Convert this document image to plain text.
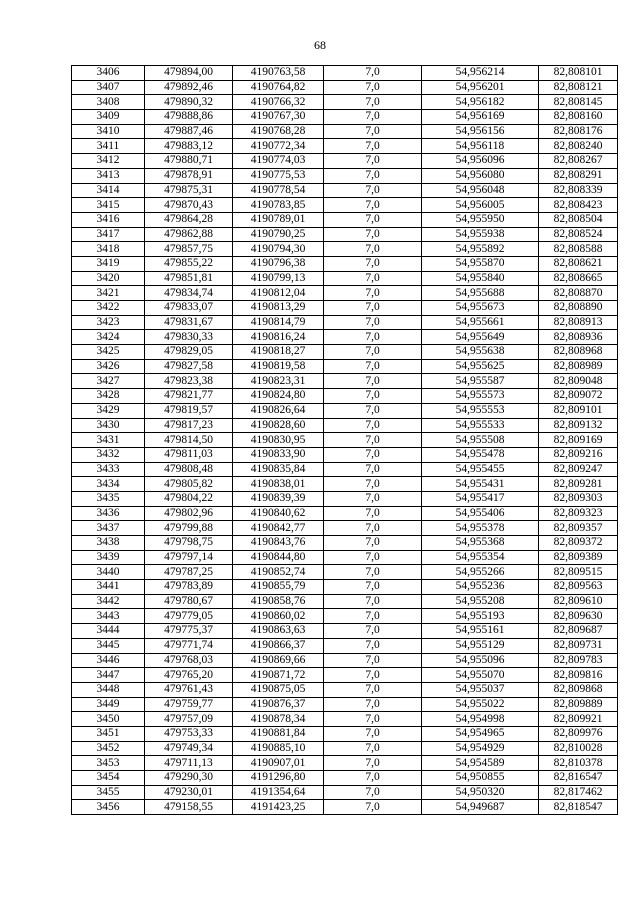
68
3406	479894,00	4190763,58	7,0	54,956214	82,808101
3407	479892,46	4190764,82	7,0	54,956201	82,808121
3408	479890,32	4190766,32	7,0	54,956182	82,808145
3409	479888,86	4190767,30	7,0	54,956169	82,808160
3410	479887,46	4190768,28	7,0	54,956156	82,808176
3411	479883,12	4190772,34	7,0	54,956118	82,808240
3412	479880,71	4190774,03	7,0	54,956096	82,808267
3413	479878,91	4190775,53	7,0	54,956080	82,808291
3414	479875,31	4190778,54	7,0	54,956048	82,808339
3415	479870,43	4190783,85	7,0	54,956005	82,808423
3416	479864,28	4190789,01	7,0	54,955950	82,808504
3417	479862,88	4190790,25	7,0	54,955938	82,808524
3418	479857,75	4190794,30	7,0	54,955892	82,808588
3419	479855,22	4190796,38	7,0	54,955870	82,808621
3420	479851,81	4190799,13	7,0	54,955840	82,808665
3421	479834,74	4190812,04	7,0	54,955688	82,808870
3422	479833,07	4190813,29	7,0	54,955673	82,808890
3423	479831,67	4190814,79	7,0	54,955661	82,808913
3424	479830,33	4190816,24	7,0	54,955649	82,808936
3425	479829,05	4190818,27	7,0	54,955638	82,808968
3426	479827,58	4190819,58	7,0	54,955625	82,808989
3427	479823,38	4190823,31	7,0	54,955587	82,809048
3428	479821,77	4190824,80	7,0	54,955573	82,809072
3429	479819,57	4190826,64	7,0	54,955553	82,809101
3430	479817,23	4190828,60	7,0	54,955533	82,809132
3431	479814,50	4190830,95	7,0	54,955508	82,809169
3432	479811,03	4190833,90	7,0	54,955478	82,809216
3433	479808,48	4190835,84	7,0	54,955455	82,809247
3434	479805,82	4190838,01	7,0	54,955431	82,809281
3435	479804,22	4190839,39	7,0	54,955417	82,809303
3436	479802,96	4190840,62	7,0	54,955406	82,809323
3437	479799,88	4190842,77	7,0	54,955378	82,809357
3438	479798,75	4190843,76	7,0	54,955368	82,809372
3439	479797,14	4190844,80	7,0	54,955354	82,809389
3440	479787,25	4190852,74	7,0	54,955266	82,809515
3441	479783,89	4190855,79	7,0	54,955236	82,809563
3442	479780,67	4190858,76	7,0	54,955208	82,809610
3443	479779,05	4190860,02	7,0	54,955193	82,809630
3444	479775,37	4190863,63	7,0	54,955161	82,809687
3445	479771,74	4190866,37	7,0	54,955129	82,809731
3446	479768,03	4190869,66	7,0	54,955096	82,809783
3447	479765,20	4190871,72	7,0	54,955070	82,809816
3448	479761,43	4190875,05	7,0	54,955037	82,809868
3449	479759,77	4190876,37	7,0	54,955022	82,809889
3450	479757,09	4190878,34	7,0	54,954998	82,809921
3451	479753,33	4190881,84	7,0	54,954965	82,809976
3452	479749,34	4190885,10	7,0	54,954929	82,810028
3453	479711,13	4190907,01	7,0	54,954589	82,810378
3454	479290,30	4191296,80	7,0	54,950855	82,816547
3455	479230,01	4191354,64	7,0	54,950320	82,817462
3456	479158,55	4191423,25	7,0	54,949687	82,818547
